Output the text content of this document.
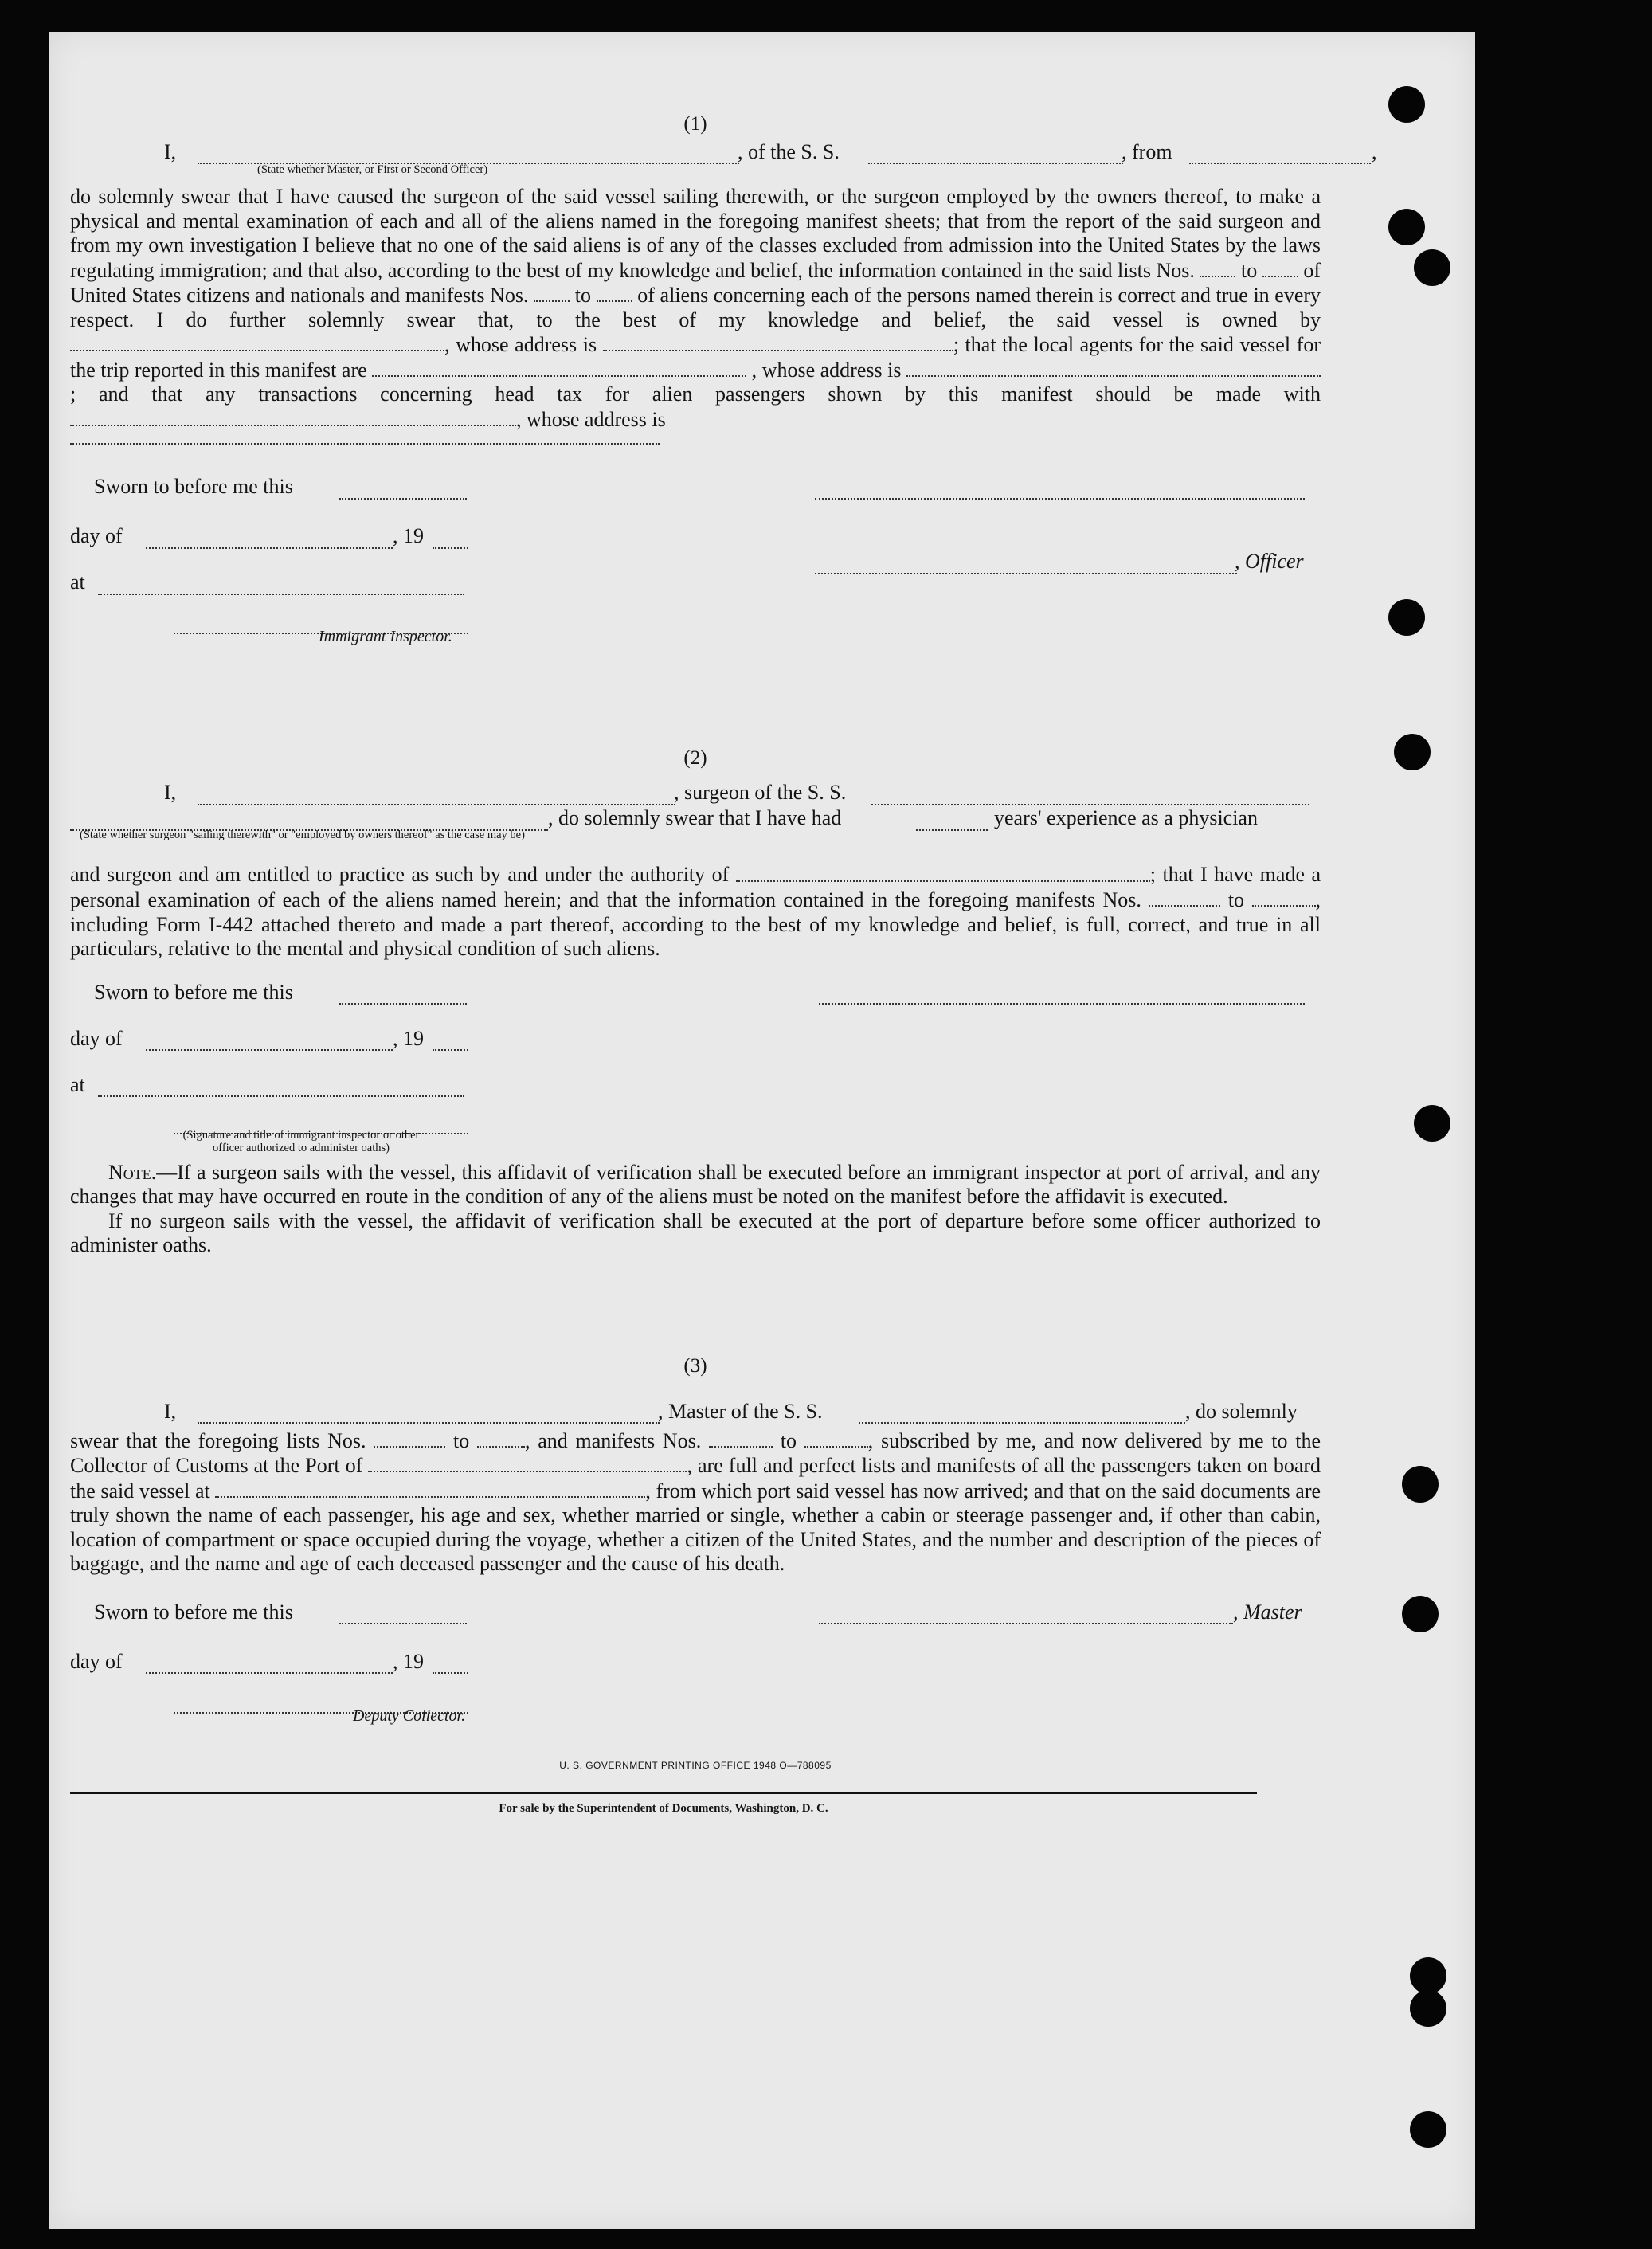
(1)
I,	, of the S. S.	, from	,
(State whether Master, or First or Second Officer)

do solemnly swear that I have caused the surgeon of the said vessel sailing therewith, or the surgeon employed by the owners thereof, to make a physical and mental examination of each and all of the aliens named in the foregoing manifest sheets; that from the report of the said surgeon and from my own investigation I believe that no one of the said aliens is of any of the classes excluded from admission into the United States by the laws regulating immigration; and that also, according to the best of my knowledge and belief, the information contained in the said lists Nos. to of United States citizens and nationals and manifests Nos. to of aliens concerning each of the persons named therein is correct and true in every respect. I do further solemnly swear that, to the best of my knowledge and belief, the said vessel is owned by , whose address is	; that the local agents for the said vessel for the trip reported in this manifest are	, whose address is ; and that any transactions concerning head tax for alien passengers shown by this manifest should be made with , whose address is

Sworn to before me this
day of	, 19
, Officer
at
Immigrant Inspector.
(2)
I,	, surgeon of the S. S.
, do solemnly swear that I have had	years' experience as a physician
(State whether surgeon "sailing therewith" or "employed by owners thereof" as the case may be)

and surgeon and am entitled to practice as such by and under the authority of	; that I have made a personal examination of each of the aliens named herein; and that the information contained in the foregoing manifests Nos.	to	, including Form I-442 attached thereto and made a part thereof, according to the best of my knowledge and belief, is full, correct, and true in all particulars, relative to the mental and physical condition of such aliens.

Sworn to before me this
day of	, 19
at
(Signature and title of immigrant inspector or other officer authorized to administer oaths)

Note.—If a surgeon sails with the vessel, this affidavit of verification shall be executed before an immigrant inspector at port of arrival, and any changes that may have occurred en route in the condition of any of the aliens must be noted on the manifest before the affidavit is executed.

If no surgeon sails with the vessel, the affidavit of verification shall be executed at the port of departure before some officer authorized to administer oaths.

(3)
I,	, Master of the S. S.	, do solemnly

swear that the foregoing lists Nos.	to	, and manifests Nos.	to	, subscribed by me, and now delivered by me to the Collector of Customs at the Port of	, are full and perfect lists and manifests of all the passengers taken on board the said vessel at	, from which port said vessel has now arrived; and that on the said documents are truly shown the name of each passenger, his age and sex, whether married or single, whether a cabin or steerage passenger and, if other than cabin, location of compartment or space occupied during the voyage, whether a citizen of the United States, and the number and description of the pieces of baggage, and the name and age of each deceased passenger and the cause of his death.

Sworn to before me this	, Master
day of	, 19
Deputy Collector.
U. S. GOVERNMENT PRINTING OFFICE 1948 O—788095
For sale by the Superintendent of Documents, Washington, D. C.
